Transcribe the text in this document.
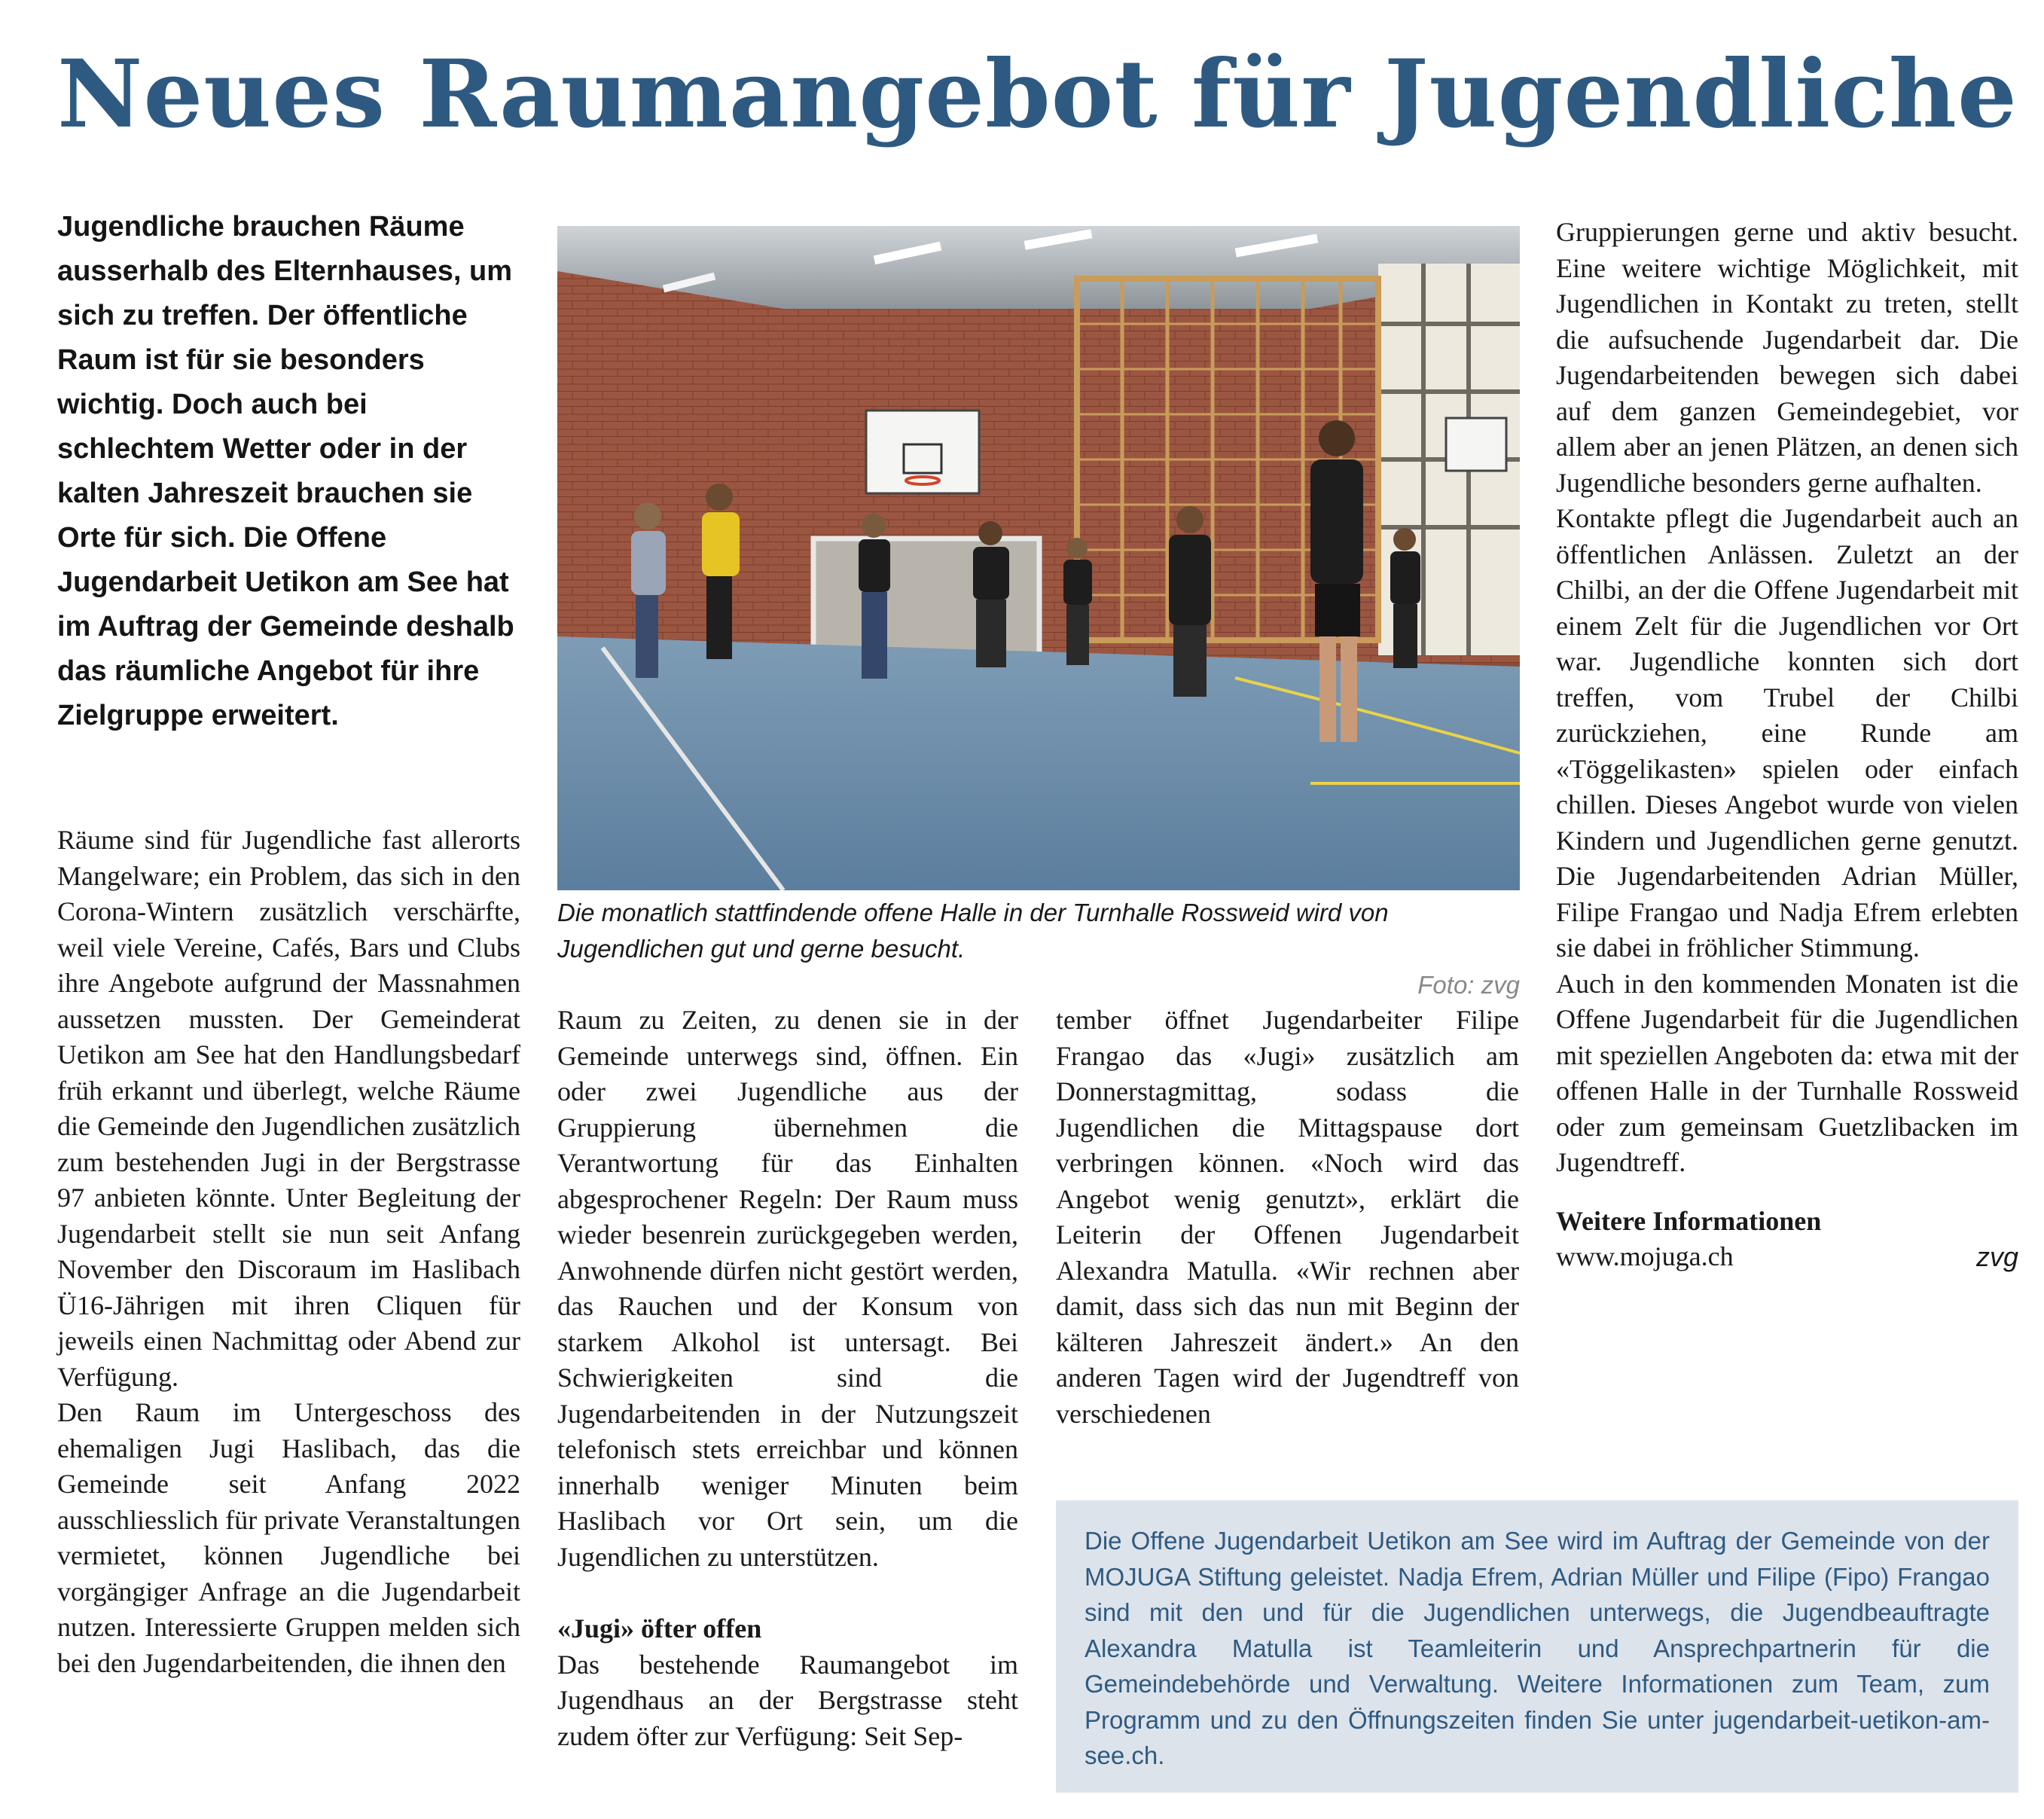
Neues Raumangebot für Jugendliche
Jugendliche brauchen Räume ausserhalb des Elternhauses, um sich zu treffen. Der öffentliche Raum ist für sie besonders wichtig. Doch auch bei schlechtem Wetter oder in der kalten Jahreszeit brauchen sie Orte für sich. Die Offene Jugendarbeit Uetikon am See hat im Auftrag der Gemeinde deshalb das räumliche Angebot für ihre Zielgruppe erweitert.
Die monatlich stattfindende offene Halle in der Turnhalle Rossweid wird von Jugendlichen gut und gerne besucht.
Foto: zvg

Räume sind für Jugendliche fast allerorts Mangelware; ein Problem, das sich in den Corona-Wintern zusätzlich verschärfte, weil viele Vereine, Cafés, Bars und Clubs ihre Angebote aufgrund der Massnahmen aussetzen mussten. Der Gemeinderat Uetikon am See hat den Handlungsbedarf früh erkannt und überlegt, welche Räume die Gemeinde den Jugendlichen zusätzlich zum bestehenden Jugi in der Bergstrasse 97 anbieten könnte. Unter Begleitung der Jugendarbeit stellt sie nun seit Anfang November den Discoraum im Haslibach Ü16-Jährigen mit ihren Cliquen für jeweils einen Nachmittag oder Abend zur Verfügung.

Den Raum im Untergeschoss des ehemaligen Jugi Haslibach, das die Gemeinde seit Anfang 2022 ausschliesslich für private Veranstaltungen vermietet, können Jugendliche bei vorgängiger Anfrage an die Jugendarbeit nutzen. Interessierte Gruppen melden sich bei den Jugendarbeitenden, die ihnen den

Raum zu Zeiten, zu denen sie in der Gemeinde unterwegs sind, öffnen. Ein oder zwei Jugendliche aus der Gruppierung übernehmen die Verantwortung für das Einhalten abgesprochener Regeln: Der Raum muss wieder besenrein zurückgegeben werden, Anwohnende dürfen nicht gestört werden, das Rauchen und der Konsum von starkem Alkohol ist untersagt. Bei Schwierigkeiten sind die Jugendarbeitenden in der Nutzungszeit telefonisch stets erreichbar und können innerhalb weniger Minuten beim Haslibach vor Ort sein, um die Jugendlichen zu unterstützen.

«Jugi» öfter offen

Das bestehende Raumangebot im Jugendhaus an der Bergstrasse steht zudem öfter zur Verfügung: Seit Sep-

tember öffnet Jugendarbeiter Filipe Frangao das «Jugi» zusätzlich am Donnerstagmittag, sodass die Jugendlichen die Mittagspause dort verbringen können. «Noch wird das Angebot wenig genutzt», erklärt die Leiterin der Offenen Jugendarbeit Alexandra Matulla. «Wir rechnen aber damit, dass sich das nun mit Beginn der kälteren Jahreszeit ändert.» An den anderen Tagen wird der Jugendtreff von verschiedenen

Gruppierungen gerne und aktiv besucht. Eine weitere wichtige Möglichkeit, mit Jugendlichen in Kontakt zu treten, stellt die aufsuchende Jugendarbeit dar. Die Jugendarbeitenden bewegen sich dabei auf dem ganzen Gemeindegebiet, vor allem aber an jenen Plätzen, an denen sich Jugendliche besonders gerne aufhalten.

Kontakte pflegt die Jugendarbeit auch an öffentlichen Anlässen. Zuletzt an der Chilbi, an der die Offene Jugendarbeit mit einem Zelt für die Jugendlichen vor Ort war. Jugendliche konnten sich dort treffen, vom Trubel der Chilbi zurückziehen, eine Runde am «Töggelikasten» spielen oder einfach chillen. Dieses Angebot wurde von vielen Kindern und Jugendlichen gerne genutzt. Die Jugendarbeitenden Adrian Müller, Filipe Frangao und Nadja Efrem erlebten sie dabei in fröhlicher Stimmung.

Auch in den kommenden Monaten ist die Offene Jugendarbeit für die Jugendlichen mit speziellen Angeboten da: etwa mit der offenen Halle in der Turnhalle Rossweid oder zum gemeinsam Guetzlibacken im Jugendtreff.

Weitere Informationen

www.mojuga.ch	zvg

Die Offene Jugendarbeit Uetikon am See wird im Auftrag der Gemeinde von der MOJUGA Stiftung geleistet. Nadja Efrem, Adrian Müller und Filipe (Fipo) Frangao sind mit den und für die Jugendlichen unterwegs, die Jugendbeauftragte Alexandra Matulla ist Teamleiterin und Ansprechpartnerin für die Gemeindebehörde und Verwaltung. Weitere Informationen zum Team, zum Programm und zu den Öffnungszeiten finden Sie unter jugendarbeit-uetikon-am-see.ch.
